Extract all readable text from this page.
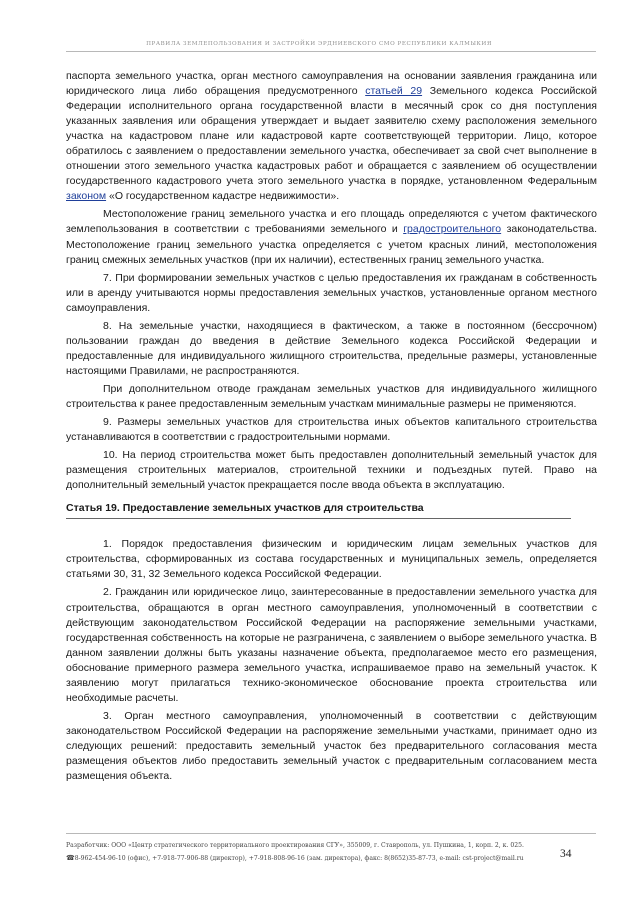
ПРАВИЛА ЗЕМЛЕПОЛЬЗОВАНИЯ И ЗАСТРОЙКИ ЭРДНИЕВСКОГО СМО РЕСПУБЛИКИ КАЛМЫКИЯ

паспорта земельного участка, орган местного самоуправления на основании заявления гражданина или юридического лица либо обращения предусмотренного статьей 29 Земельного кодекса Российской Федерации исполнительного органа государственной власти в месячный срок со дня поступления указанных заявления или обращения утверждает и выдает заявителю схему расположения земельного участка на кадастровом плане или кадастровой карте соответствующей территории. Лицо, которое обратилось с заявлением о предоставлении земельного участка, обеспечивает за свой счет выполнение в отношении этого земельного участка кадастровых работ и обращается с заявлением об осуществлении государственного кадастрового учета этого земельного участка в порядке, установленном Федеральным законом «О государственном кадастре недвижимости».

Местоположение границ земельного участка и его площадь определяются с учетом фактического землепользования в соответствии с требованиями земельного и градостроительного законодательства. Местоположение границ земельного участка определяется с учетом красных линий, местоположения границ смежных земельных участков (при их наличии), естественных границ земельного участка.

7. При формировании земельных участков с целью предоставления их гражданам в собственность или в аренду учитываются нормы предоставления земельных участков, установленные органом местного самоуправления.

8. На земельные участки, находящиеся в фактическом, а также в постоянном (бессрочном) пользовании граждан до введения в действие Земельного кодекса Российской Федерации и предоставленные для индивидуального жилищного строительства, предельные размеры, установленные настоящими Правилами, не распространяются.

При дополнительном отводе гражданам земельных участков для индивидуального жилищного строительства к ранее предоставленным земельным участкам минимальные размеры не применяются.

9. Размеры земельных участков для строительства иных объектов капитального строительства устанавливаются в соответствии с градостроительными нормами.

10. На период строительства может быть предоставлен дополнительный земельный участок для размещения строительных материалов, строительной техники и подъездных путей. Право на дополнительный земельный участок прекращается после ввода объекта в эксплуатацию.

Статья 19. Предоставление земельных участков для строительства

1. Порядок предоставления физическим и юридическим лицам земельных участков для строительства, сформированных из состава государственных и муниципальных земель, определяется статьями 30, 31, 32 Земельного кодекса Российской Федерации.

2. Гражданин или юридическое лицо, заинтересованные в предоставлении земельного участка для строительства, обращаются в орган местного самоуправления, уполномоченный в соответствии с действующим законодательством Российской Федерации на распоряжение земельными участками, государственная собственность на которые не разграничена, с заявлением о выборе земельного участка. В данном заявлении должны быть указаны назначение объекта, предполагаемое место его размещения, обоснование примерного размера земельного участка, испрашиваемое право на земельный участок. К заявлению могут прилагаться технико-экономическое обоснование проекта строительства или необходимые расчеты.

3. Орган местного самоуправления, уполномоченный в соответствии с действующим законодательством Российской Федерации на распоряжение земельными участками, принимает одно из следующих решений: предоставить земельный участок без предварительного согласования места размещения объектов либо предоставить земельный участок с предварительным согласованием места размещения объекта.

Разработчик: ООО «Центр стратегического территориального проектирования СГУ», 355009, г. Ставрополь, ул. Пушкина, 1, корп. 2, к. 025.
☎8-962-454-96-10 (офис), +7-918-77-906-88 (директор), +7-918-808-96-16 (зам. директора), факс: 8(8652)35-87-73, e-mail: cst-project@mail.ru	34
